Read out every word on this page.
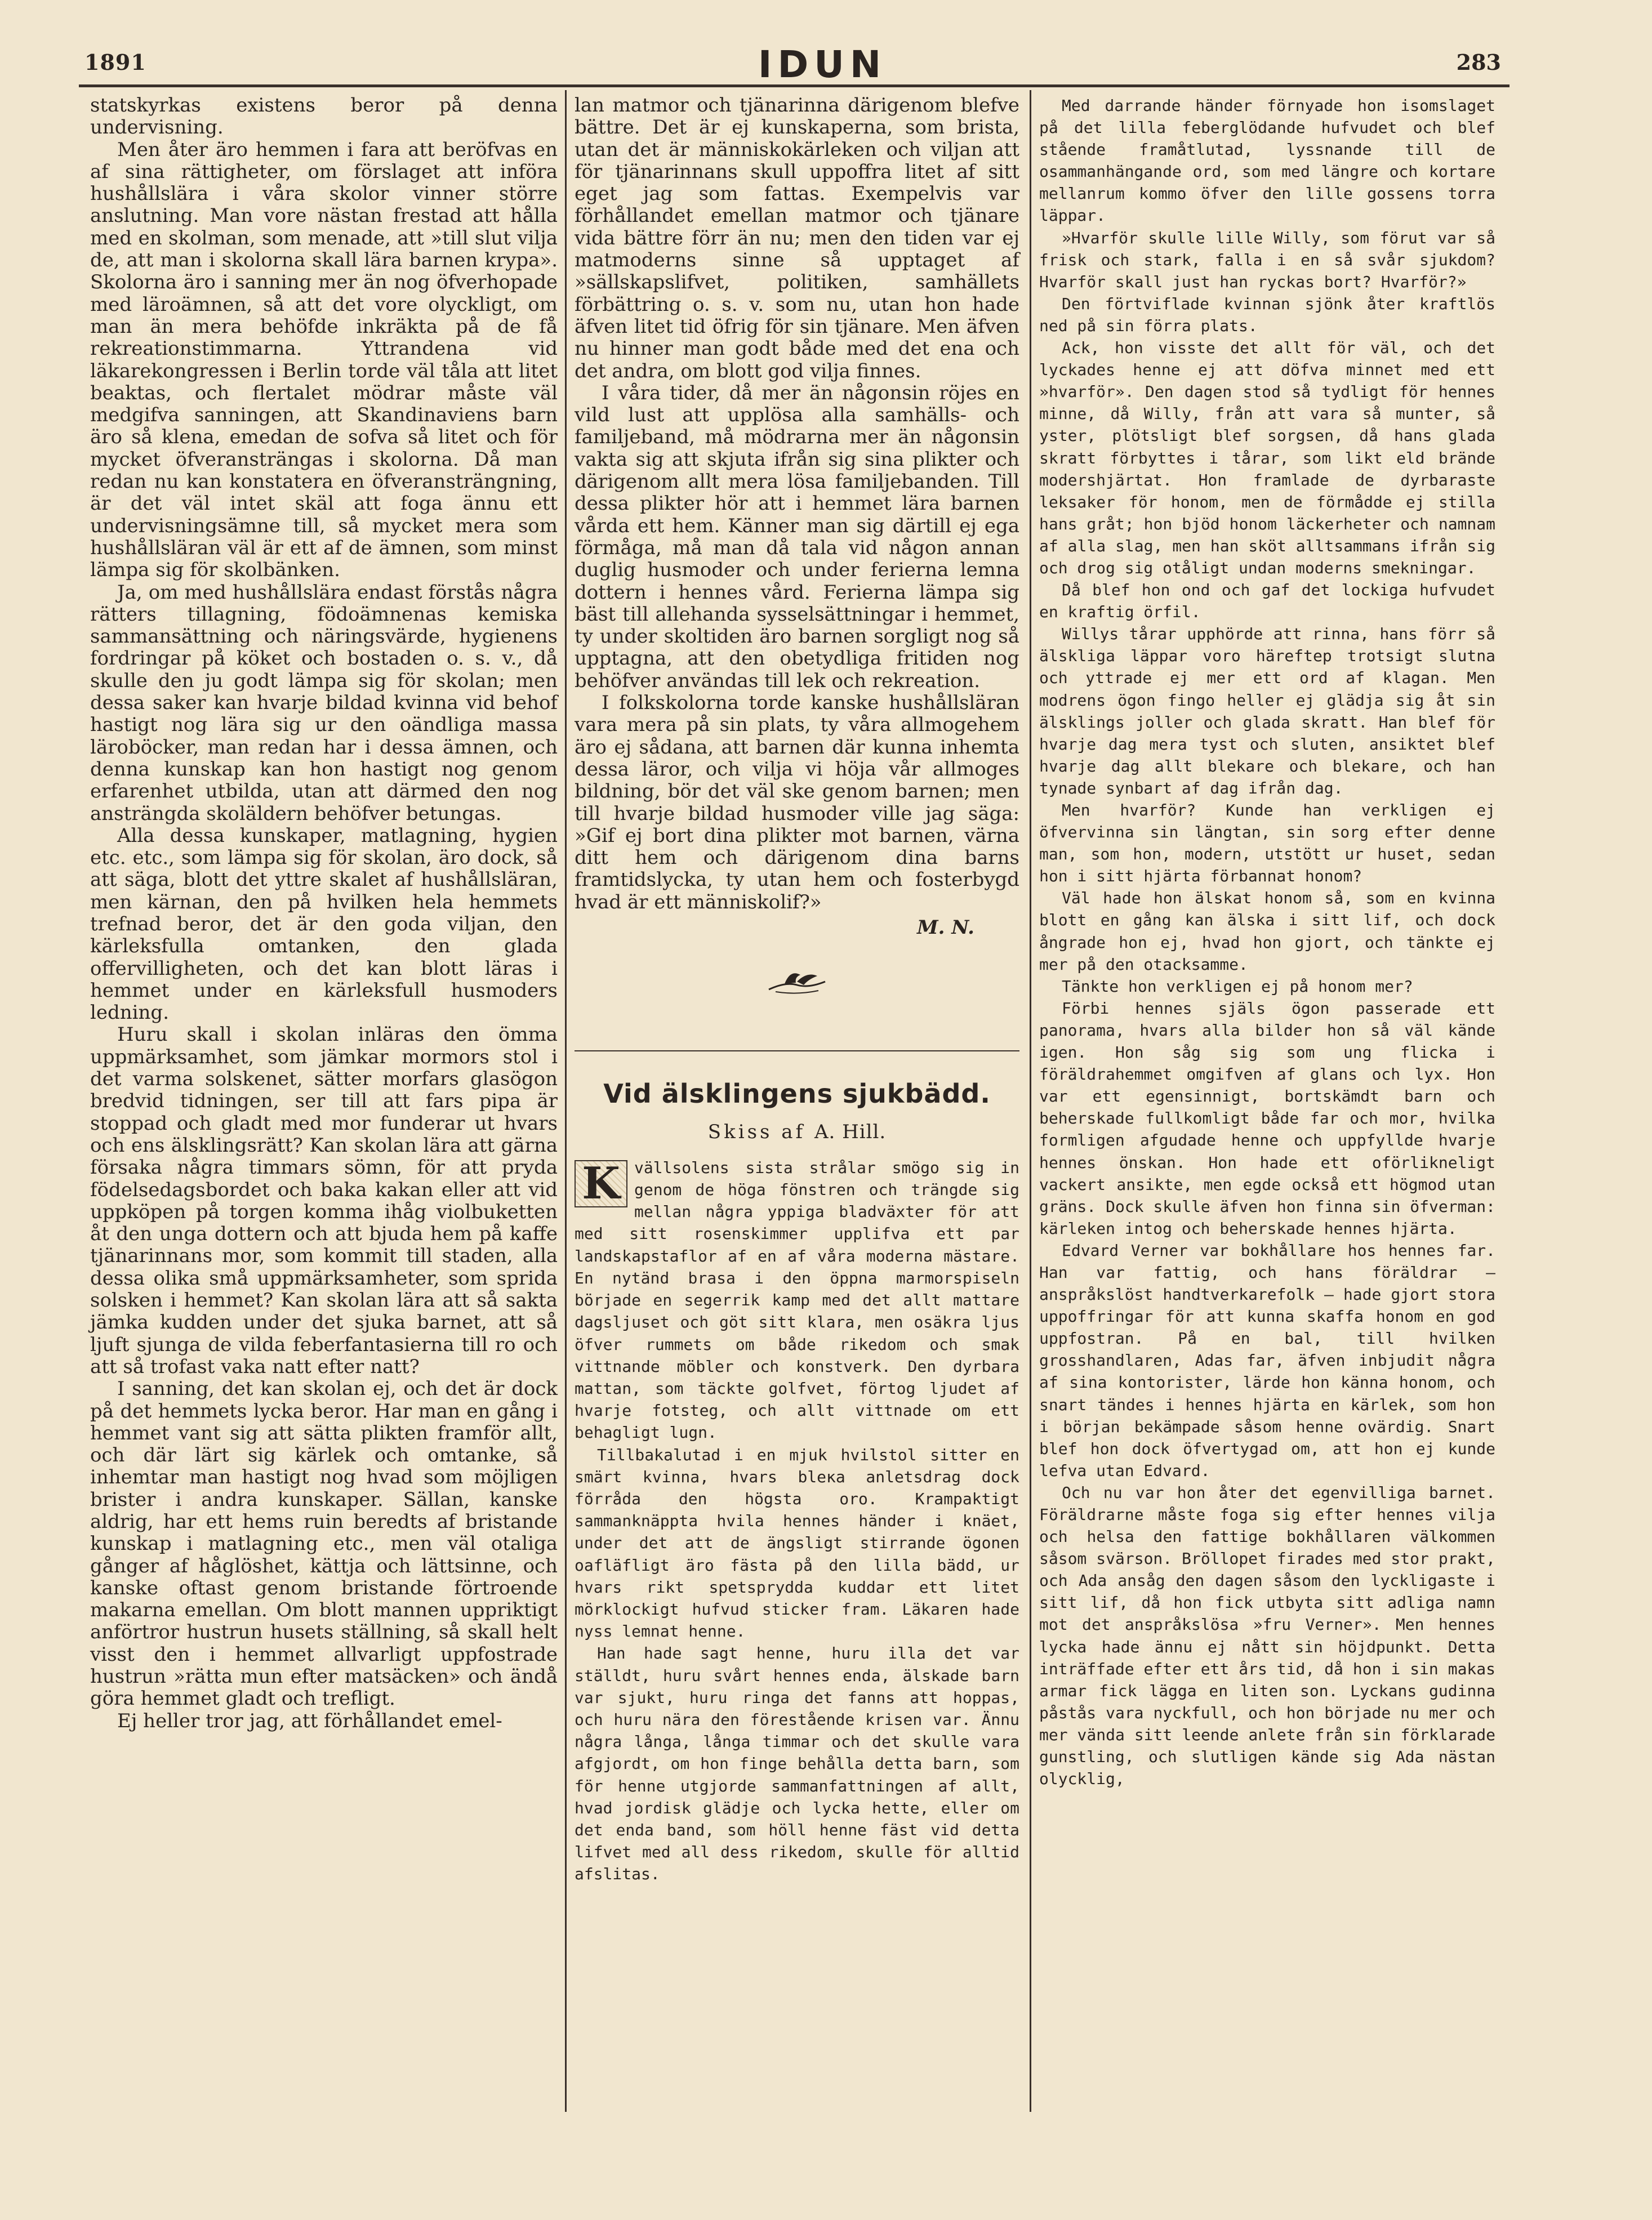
1891	IDUN	283

statskyrkas existens beror på denna undervisning.

Men åter äro hemmen i fara att beröfvas en af sina rättigheter, om förslaget att införa hushållslära i våra skolor vinner större anslutning. Man vore nästan frestad att hålla med en skolman, som menade, att »till slut vilja de, att man i skolorna skall lära barnen krypa». Skolorna äro i sanning mer än nog öfverhopade med läroämnen, så att det vore olyckligt, om man än mera behöfde inkräkta på de få rekreationstimmarna. Yttrandena vid läkarekongressen i Berlin torde väl tåla att litet beaktas, och flertalet mödrar måste väl medgifva sanningen, att Skandinaviens barn äro så klena, emedan de sofva så litet och för mycket öfveransträngas i skolorna. Då man redan nu kan konstatera en öfveransträngning, är det väl intet skäl att foga ännu ett undervisningsämne till, så mycket mera som hushållsläran väl är ett af de ämnen, som minst lämpa sig för skolbänken.

Ja, om med hushållslära endast förstås några rätters tillagning, födoämnenas kemiska sammansättning och näringsvärde, hygienens fordringar på köket och bostaden o. s. v., då skulle den ju godt lämpa sig för skolan; men dessa saker kan hvarje bildad kvinna vid behof hastigt nog lära sig ur den oändliga massa läroböcker, man redan har i dessa ämnen, och denna kunskap kan hon hastigt nog genom erfarenhet utbilda, utan att därmed den nog ansträngda skoläldern behöfver betungas.

Alla dessa kunskaper, matlagning, hygien etc. etc., som lämpa sig för skolan, äro dock, så att säga, blott det yttre skalet af hushållsläran, men kärnan, den på hvilken hela hemmets trefnad beror, det är den goda viljan, den kärleksfulla omtanken, den glada offervilligheten, och det kan blott läras i hemmet under en kärleksfull husmoders ledning.

Huru skall i skolan inläras den ömma uppmärksamhet, som jämkar mormors stol i det varma solskenet, sätter morfars glasögon bredvid tidningen, ser till att fars pipa är stoppad och gladt med mor funderar ut hvars och ens älsklingsrätt? Kan skolan lära att gärna försaka några timmars sömn, för att pryda födelsedagsbordet och baka kakan eller att vid uppköpen på torgen komma ihåg violbuketten åt den unga dottern och att bjuda hem på kaffe tjänarinnans mor, som kommit till staden, alla dessa olika små uppmärksamheter, som sprida solsken i hemmet? Kan skolan lära att så sakta jämka kudden under det sjuka barnet, att så ljuft sjunga de vilda feberfantasierna till ro och att så trofast vaka natt efter natt?

I sanning, det kan skolan ej, och det är dock på det hemmets lycka beror. Har man en gång i hemmet vant sig att sätta plikten framför allt, och där lärt sig kärlek och omtanke, så inhemtar man hastigt nog hvad som möjligen brister i andra kunskaper. Sällan, kanske aldrig, har ett hems ruin beredts af bristande kunskap i matlagning etc., men väl otaliga gånger af håglöshet, kättja och lättsinne, och kanske oftast genom bristande förtroende makarna emellan. Om blott mannen uppriktigt anförtror hustrun husets ställning, så skall helt visst den i hemmet allvarligt uppfostrade hustrun »rätta mun efter matsäcken» och ändå göra hemmet gladt och trefligt.

Ej heller tror jag, att förhållandet emel-

lan matmor och tjänarinna därigenom blefve bättre. Det är ej kunskaperna, som brista, utan det är människokärleken och viljan att för tjänarinnans skull uppoffra litet af sitt eget jag som fattas. Exempelvis var förhållandet emellan matmor och tjänare vida bättre förr än nu; men den tiden var ej matmoderns sinne så upptaget af »sällskapslifvet, politiken, samhällets förbättring o. s. v. som nu, utan hon hade äfven litet tid öfrig för sin tjänare. Men äfven nu hinner man godt både med det ena och det andra, om blott god vilja finnes.

I våra tider, då mer än någonsin röjes en vild lust att upplösa alla samhälls- och familjeband, må mödrarna mer än någonsin vakta sig att skjuta ifrån sig sina plikter och därigenom allt mera lösa familjebanden. Till dessa plikter hör att i hemmet lära barnen vårda ett hem. Känner man sig därtill ej ega förmåga, må man då tala vid någon annan duglig husmoder och under ferierna lemna dottern i hennes vård. Ferierna lämpa sig bäst till allehanda sysselsättningar i hemmet, ty under skoltiden äro barnen sorgligt nog så upptagna, att den obetydliga fritiden nog behöfver användas till lek och rekreation.

I folkskolorna torde kanske hushållsläran vara mera på sin plats, ty våra allmogehem äro ej sådana, att barnen där kunna inhemta dessa läror, och vilja vi höja vår allmoges bildning, bör det väl ske genom barnen; men till hvarje bildad husmoder ville jag säga: »Gif ej bort dina plikter mot barnen, värna ditt hem och därigenom dina barns framtidslycka, ty utan hem och fosterbygd hvad är ett människolif?»

M. N.
Vid älsklingens sjukbädd.
Skiss af A. Hill.
K vällsolens sista strålar smögo sig in genom de höga fönstren och trängde sig mellan några yppiga bladväxter för att med sitt rosenskimmer upplifva ett par landskapstaflor af en af våra moderna mästare. En nytänd brasa i den öppna marmorspiseln började en segerrik kamp med det allt mattare dagsljuset och göt sitt klara, men osäkra ljus öfver rummets om både rikedom och smak vittnande möbler och konstverk. Den dyrbara mattan, som täckte golfvet, förtog ljudet af hvarje fotsteg, och allt vittnade om ett behagligt lugn.

Tillbakalutad i en mjuk hvilstol sitter en smärt kvinna, hvars blека anletsdrag dock förråda den högsta oro. Krampaktigt sammanknäppta hvila hennes händer i knäet, under det att de ängsligt stirrande ögonen oafläfligt äro fästa på den lilla bädd, ur hvars rikt spetsprydda kuddar ett litet mörklockigt hufvud sticker fram. Läkaren hade nyss lemnat henne.

Han hade sagt henne, huru illa det var ställdt, huru svårt hennes enda, älskade barn var sjukt, huru ringa det fanns att hoppas, och huru nära den förestående krisen var. Ännu några långa, långa timmar och det skulle vara afgjordt, om hon finge behålla detta barn, som för henne utgjorde sammanfattningen af allt, hvad jordisk glädje och lycka hette, eller om det enda band, som höll henne fäst vid detta lifvet med all dess rikedom, skulle för alltid afslitas.

Med darrande händer förnyade hon isomslaget på det lilla feberglödande hufvudet och blef stående framåtlutad, lyssnande till de osammanhängande ord, som med längre och kortare mellanrum kommo öfver den lille gossens torra läppar.

»Hvarför skulle lille Willy, som förut var så frisk och stark, falla i en så svår sjukdom? Hvarför skall just han ryckas bort? Hvarför?»

Den förtviflade kvinnan sjönk åter kraftlös ned på sin förra plats.

Ack, hon visste det allt för väl, och det lyckades henne ej att döfva minnet med ett »hvarför». Den dagen stod så tydligt för hennes minne, då Willy, från att vara så munter, så yster, plötsligt blef sorgsen, då hans glada skratt förbyttes i tårar, som likt eld brände modershjärtat. Hon framlade de dyrbaraste leksaker för honom, men de förmådde ej stilla hans gråt; hon bjöd honom läckerheter och namnam af alla slag, men han sköt alltsammans ifrån sig och drog sig otåligt undan moderns smekningar.

Då blef hon ond och gaf det lockiga hufvudet en kraftig örfil.

Willys tårar upphörde att rinna, hans förr så älskliga läppar voro häreftер trotsigt slutna och yttrade ej mer ett ord af klagan. Men modrens ögon fingo heller ej glädja sig åt sin älsklings joller och glada skratt. Han blef för hvarje dag mera tyst och sluten, ansiktet blef hvarje dag allt blekare och blekare, och han tynade synbart af dag ifrån dag.

Men hvarför? Kunde han verkligen ej öfvervinna sin längtan, sin sorg efter denne man, som hon, modern, utstött ur huset, sedan hon i sitt hjärta förbannat honom?

Väl hade hon älskat honom så, som en kvinna blott en gång kan älska i sitt lif, och dock ångrade hon ej, hvad hon gjort, och tänkte ej mer på den otacksamme.

Tänkte hon verkligen ej på honom mer?

Förbi hennes själs ögon passerade ett panorama, hvars alla bilder hon så väl kände igen. Hon såg sig som ung flicka i föräldrahemmet omgifven af glans och lyx. Hon var ett egensinnigt, bortskämdt barn och beherskade fullkomligt både far och mor, hvilka formligen afgudade henne och uppfyllde hvarje hennes önskan. Hon hade ett oförlikneligt vackert ansikte, men egde också ett högmod utan gräns. Dock skulle äfven hon finna sin öfverman: kärleken intog och beherskade hennes hjärta.

Edvard Verner var bokhållare hos hennes far. Han var fattig, och hans föräldrar — anspråkslöst handtverkarefolk — hade gjort stora uppoffringar för att kunna skaffa honom en god uppfostran. På en bal, till hvilken grosshandlaren, Adas far, äfven inbjudit några af sina kontorister, lärde hon känna honom, och snart tändes i hennes hjärta en kärlek, som hon i början bekämpade såsom henne ovärdig. Snart blef hon dock öfvertygad om, att hon ej kunde lefva utan Edvard.

Och nu var hon åter det egenvilliga barnet. Föräldrarne måste foga sig efter hennes vilja och helsa den fattige bokhållaren välkommen såsom svärson. Bröllopet firades med stor prakt, och Ada ansåg den dagen såsom den lyckligaste i sitt lif, då hon fick utbyta sitt adliga namn mot det anspråkslösa »fru Verner». Men hennes lycka hade ännu ej nått sin höjdpunkt. Detta inträffade efter ett års tid, då hon i sin makas armar fick lägga en liten son. Lyckans gudinna påstås vara nyckfull, och hon började nu mer och mer vända sitt leende anlete från sin förklarade gunstling, och slutligen kände sig Ada nästan olycklig,
